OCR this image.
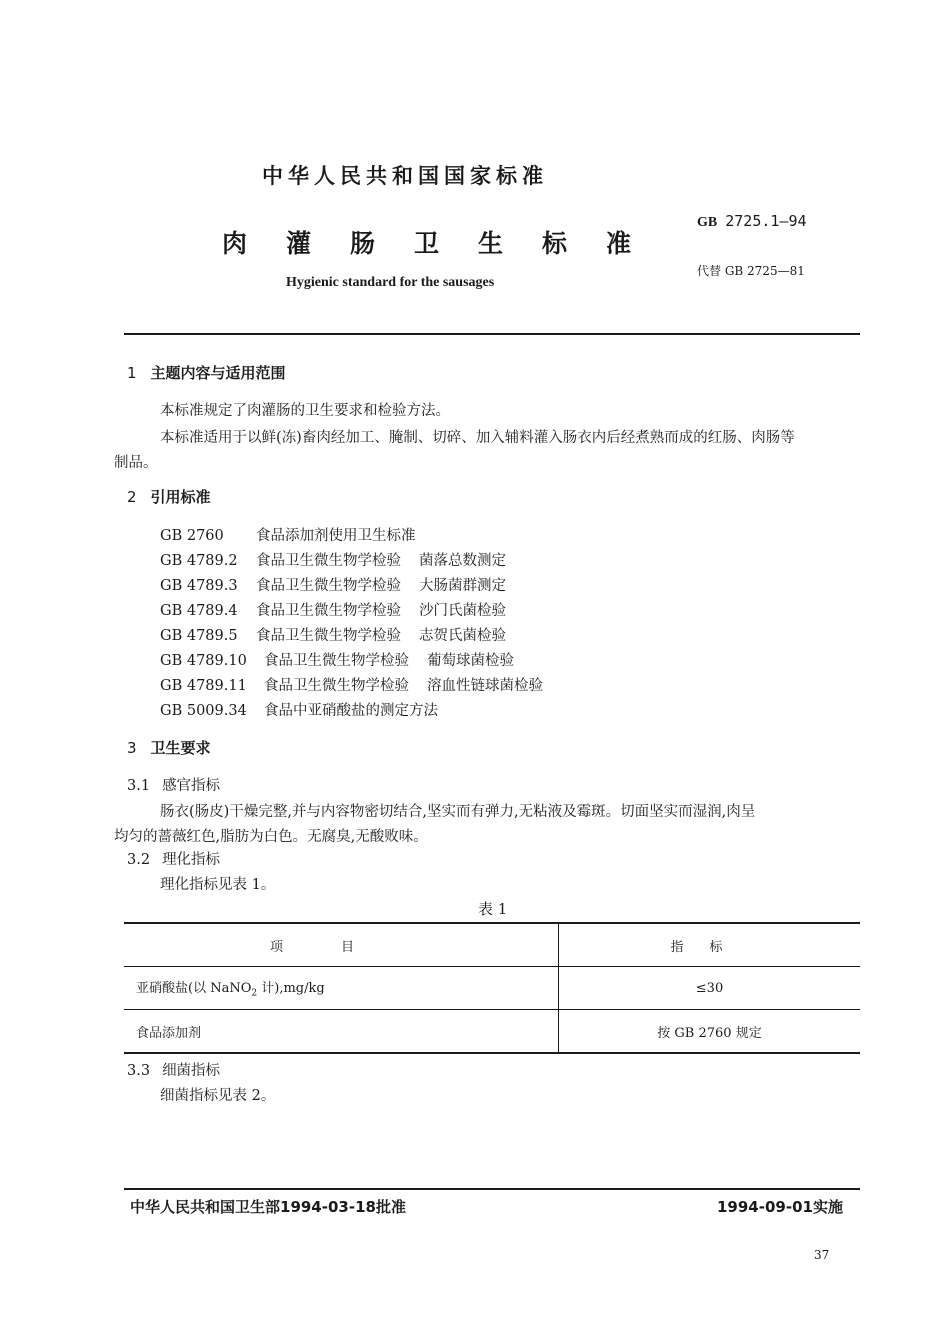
中华人民共和国国家标准
肉灌肠卫生标准
Hygienic standard for the sausages
GB 2725.1—94
代替 GB 2725—81
1 主题内容与适用范围
本标准规定了肉灌肠的卫生要求和检验方法。
本标准适用于以鲜(冻)畜肉经加工、腌制、切碎、加入辅料灌入肠衣内后经煮熟而成的红肠、肉肠等
制品。
2 引用标准
GB 2760 食品添加剂使用卫生标准
GB 4789.2 食品卫生微生物学检验 菌落总数测定
GB 4789.3 食品卫生微生物学检验 大肠菌群测定
GB 4789.4 食品卫生微生物学检验 沙门氏菌检验
GB 4789.5 食品卫生微生物学检验 志贺氏菌检验
GB 4789.10 食品卫生微生物学检验 葡萄球菌检验
GB 4789.11 食品卫生微生物学检验 溶血性链球菌检验
GB 5009.34 食品中亚硝酸盐的测定方法
3 卫生要求
3.1 感官指标
肠衣(肠皮)干燥完整,并与内容物密切结合,坚实而有弹力,无粘液及霉斑。切面坚实而湿润,肉呈
均匀的蔷薇红色,脂肪为白色。无腐臭,无酸败味。
3.2 理化指标
理化指标见表 1。
表 1
项目	指标
亚硝酸盐(以 NaNO$_2$ 计),mg/kg	≤30
食品添加剂	按 GB 2760 规定
3.3 细菌指标
细菌指标见表 2。
中华人民共和国卫生部1994-03-18批准	1994-09-01实施
37
